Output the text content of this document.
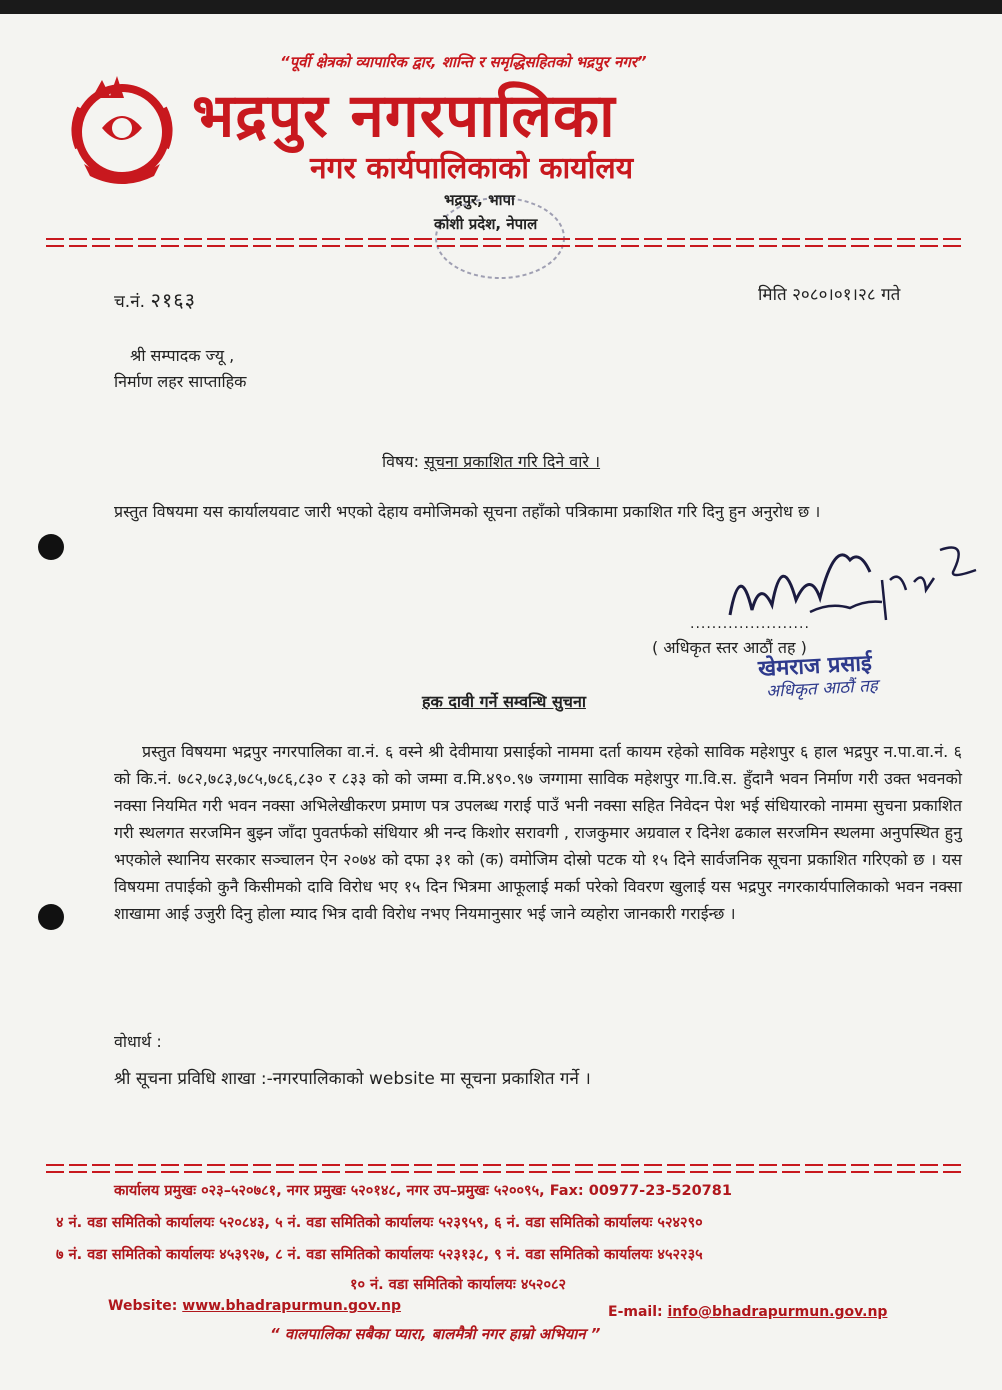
“पूर्वी क्षेत्रको व्यापारिक द्वार, शान्ति र समृद्धिसहितको भद्रपुर नगर”
भद्रपुर नगरपालिका
नगर कार्यपालिकाको कार्यालय
भद्रपुर, भापा
कोशी प्रदेश, नेपाल
च.नं. २१६३	मिति २०८०।०१।२८ गते
श्री सम्पादक ज्यू ,
निर्माण लहर साप्ताहिक
विषय: सूचना प्रकाशित गरि दिने वारे ।
प्रस्तुत विषयमा यस कार्यालयवाट जारी भएको देहाय वमोजिमको सूचना तहाँको पत्रिकामा प्रकाशित गरि दिनु हुन अनुरोध छ ।
......................
( अधिकृत स्तर आठौं तह )
खेमराज प्रसाई
अधिकृत आठौं तह
हक दावी गर्ने सम्वन्धि सुचना
प्रस्तुत विषयमा भद्रपुर नगरपालिका वा.नं. ६ वस्ने श्री देवीमाया प्रसाईको नाममा दर्ता कायम रहेको साविक महेशपुर ६ हाल भद्रपुर न.पा.वा.नं. ६ को कि.नं. ७८२,७८३,७८५,७८६,८३० र ८३३ को को जम्मा व.मि.४९०.९७ जग्गामा साविक महेशपुर गा.वि.स. हुँदानै भवन निर्माण गरी उक्त भवनको नक्सा नियमित गरी भवन नक्सा अभिलेखीकरण प्रमाण पत्र उपलब्ध गराई पाउँ भनी नक्सा सहित निवेदन पेश भई संधियारको नाममा सुचना प्रकाशित गरी स्थलगत सरजमिन बुझ्न जाँदा पुवतर्फको संधियार श्री नन्द किशोर सरावगी , राजकुमार अग्रवाल र दिनेश ढकाल सरजमिन स्थलमा अनुपस्थित हुनु भएकोले स्थानिय सरकार सञ्चालन ऐन २०७४ को दफा ३१ को (क) वमोजिम दोस्रो पटक यो १५ दिने सार्वजनिक सूचना प्रकाशित गरिएको छ । यस विषयमा तपाईको कुनै किसीमको दावि विरोध भए १५ दिन भित्रमा आफूलाई मर्का परेको विवरण खुलाई यस भद्रपुर नगरकार्यपालिकाको भवन नक्सा शाखामा आई उजुरी दिनु होला म्याद भित्र दावी विरोध नभए नियमानुसार भई जाने व्यहोरा जानकारी गराईन्छ ।
वोधार्थ :
श्री सूचना प्रविधि शाखा :-नगरपालिकाको website मा सूचना प्रकाशित गर्ने ।
कार्यालय प्रमुखः ०२३–५२०७८१, नगर प्रमुखः ५२०१४८, नगर उप–प्रमुखः ५२००९५, Fax: 00977-23-520781
४ नं. वडा समितिको कार्यालयः ५२०८४३, ५ नं. वडा समितिको कार्यालयः ५२३९५९, ६ नं. वडा समितिको कार्यालयः ५२४२९०
७ नं. वडा समितिको कार्यालयः ४५३९२७, ८ नं. वडा समितिको कार्यालयः ५२३१३८, ९ नं. वडा समितिको कार्यालयः ४५२२३५
१० नं. वडा समितिको कार्यालयः ४५२०८२
Website: www.bhadrapurmun.gov.np	E-mail: info@bhadrapurmun.gov.np
“ वालपालिका सबैका प्यारा, बालमैत्री नगर हाम्रो अभियान ”
